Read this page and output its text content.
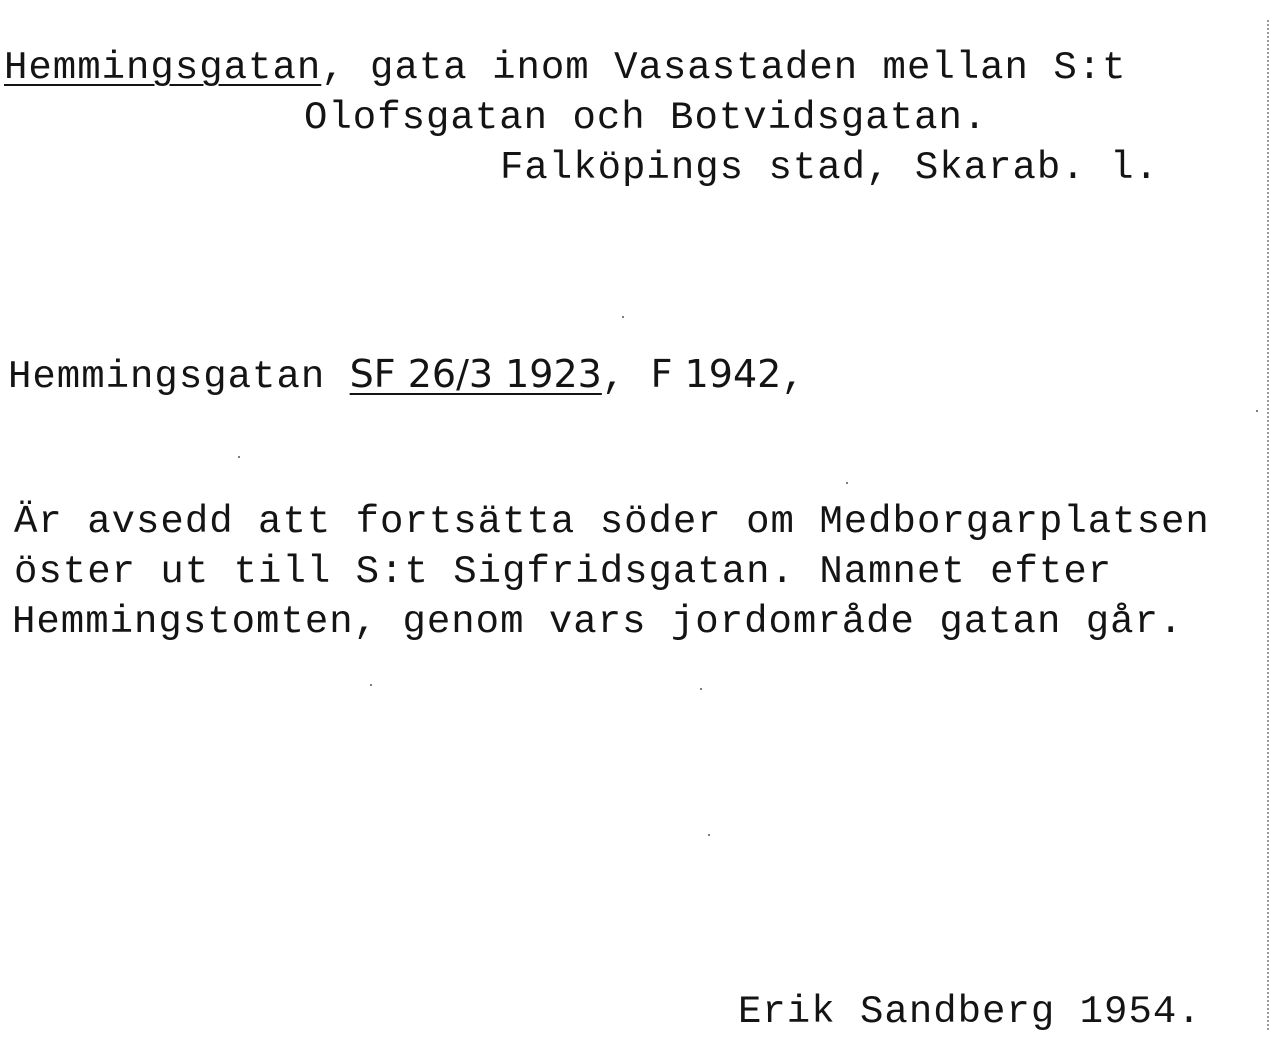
Hemmingsgatan, gata inom Vasastaden mellan S:t
Olofsgatan och Botvidsgatan.
Falköpings stad, Skarab. l.
Hemmingsgatan SF 26/3 1923, F 1942,
Är avsedd att fortsätta söder om Medborgarplatsen
öster ut till S:t Sigfridsgatan. Namnet efter
Hemmingstomten, genom vars jordområde gatan går.
Erik Sandberg 1954.
